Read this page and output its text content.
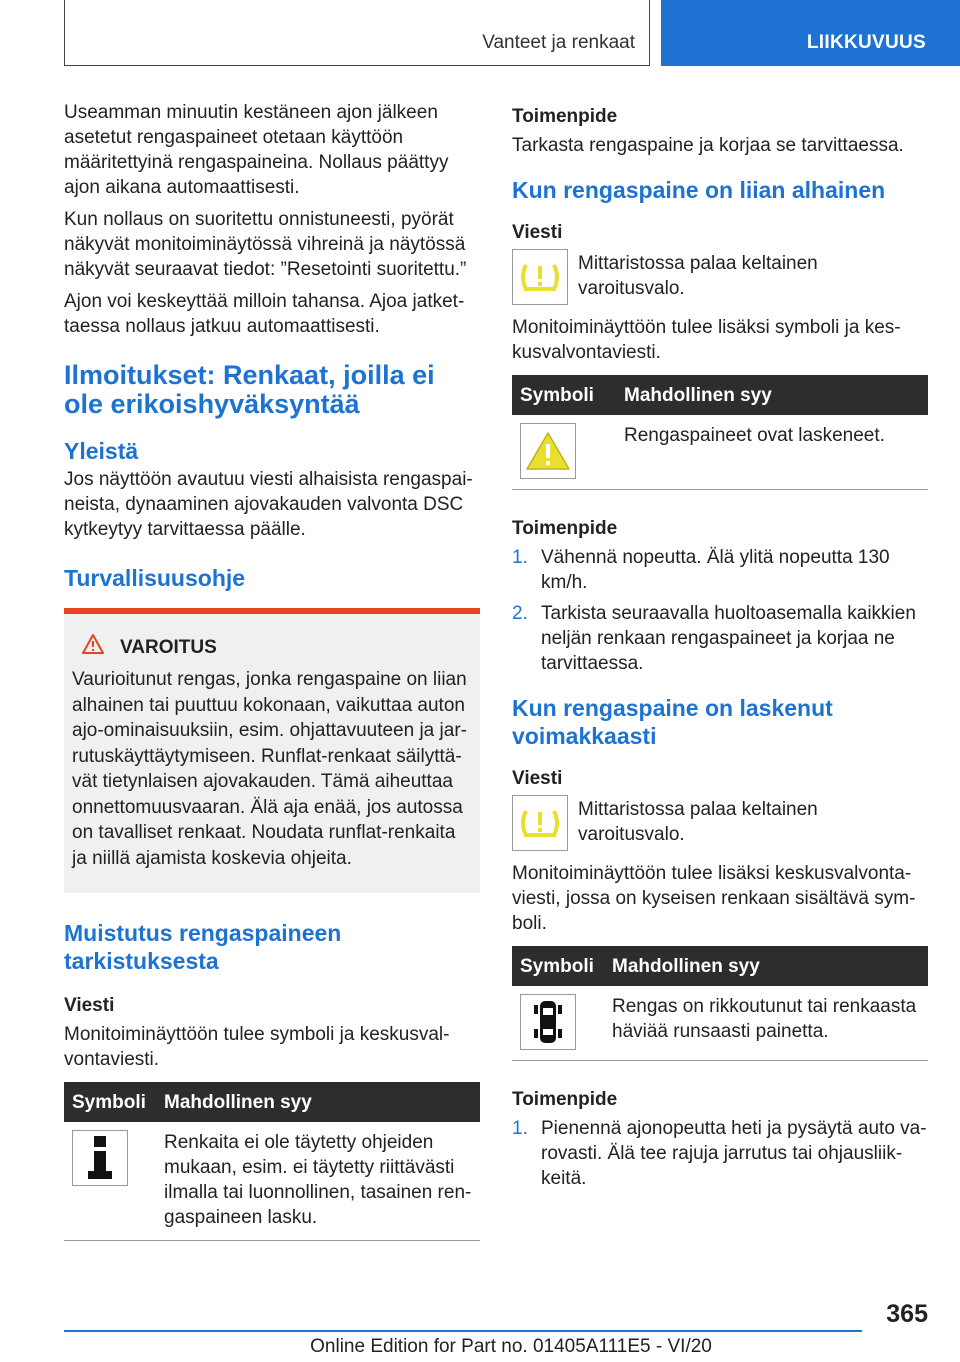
Vanteet ja renkaat	LIIKKUVUUS

Useamman minuutin kestäneen ajon jälkeen asetetut rengaspaineet otetaan käyttöön määritettyinä rengaspaineina. Nollaus päättyy ajon aikana automaattisesti.

Kun nollaus on suoritettu onnistuneesti, pyörät näkyvät monitoiminäytössä vihreinä ja näytössä näkyvät seuraavat tiedot: ”Resetointi suoritettu.”

Ajon voi keskeyttää milloin tahansa. Ajoa jatkettaessa nollaus jatkuu automaattisesti.

Ilmoitukset: Renkaat, joilla ei ole erikoishyväksyntää
Yleistä

Jos näyttöön avautuu viesti alhaisista rengaspaineista, dynaaminen ajovakauden valvonta DSC kytkeytyy tarvittaessa päälle.

Turvallisuusohje
VAROITUS
Vaurioitunut rengas, jonka rengaspaine on liian alhainen tai puuttuu kokonaan, vaikuttaa auton ajo-ominaisuuksiin, esim. ohjattavuuteen ja jarrutuskäyttäytymiseen. Runflat-renkaat säilyttävät tietynlaisen ajovakauden. Tämä aiheuttaa onnettomuusvaaran. Älä aja enää, jos autossa on tavalliset renkaat. Noudata runflat-renkaita ja niillä ajamista koskevia ohjeita.
Muistutus rengaspaineen tarkistuksesta
Viesti

Monitoiminäyttöön tulee symboli ja keskusvalvontaviesti.

Symboli	Mahdollinen syy

	Renkaita ei ole täytetty ohjeiden mukaan, esim. ei täytetty riittävästi ilmalla tai luonnollinen, tasainen rengaspaineen lasku.
Toimenpide

Tarkasta rengaspaine ja korjaa se tarvittaessa.

Kun rengaspaine on liian alhainen
Viesti
Mittaristossa palaa keltainen varoitusvalo.

Monitoiminäyttöön tulee lisäksi symboli ja keskusvalvontaviesti.

Symboli	Mahdollinen syy

	Rengaspaineet ovat laskeneet.
Toimenpide
1. Vähennä nopeutta. Älä ylitä nopeutta 130 km/h.
2. Tarkista seuraavalla huoltoasemalla kaikkien neljän renkaan rengaspaineet ja korjaa ne tarvittaessa.
Kun rengaspaine on laskenut voimakkaasti
Viesti
Mittaristossa palaa keltainen varoitusvalo.

Monitoiminäyttöön tulee lisäksi keskusvalvontaviesti, jossa on kyseisen renkaan sisältävä symboli.

Symboli	Mahdollinen syy

	Rengas on rikkoutunut tai renkaasta häviää runsaasti painetta.
Toimenpide
1. Pienennä ajonopeutta heti ja pysäytä auto varovasti. Älä tee rajuja jarrutus tai ohjausliikkeitä.
365
Online Edition for Part no. 01405A111E5 - VI/20
